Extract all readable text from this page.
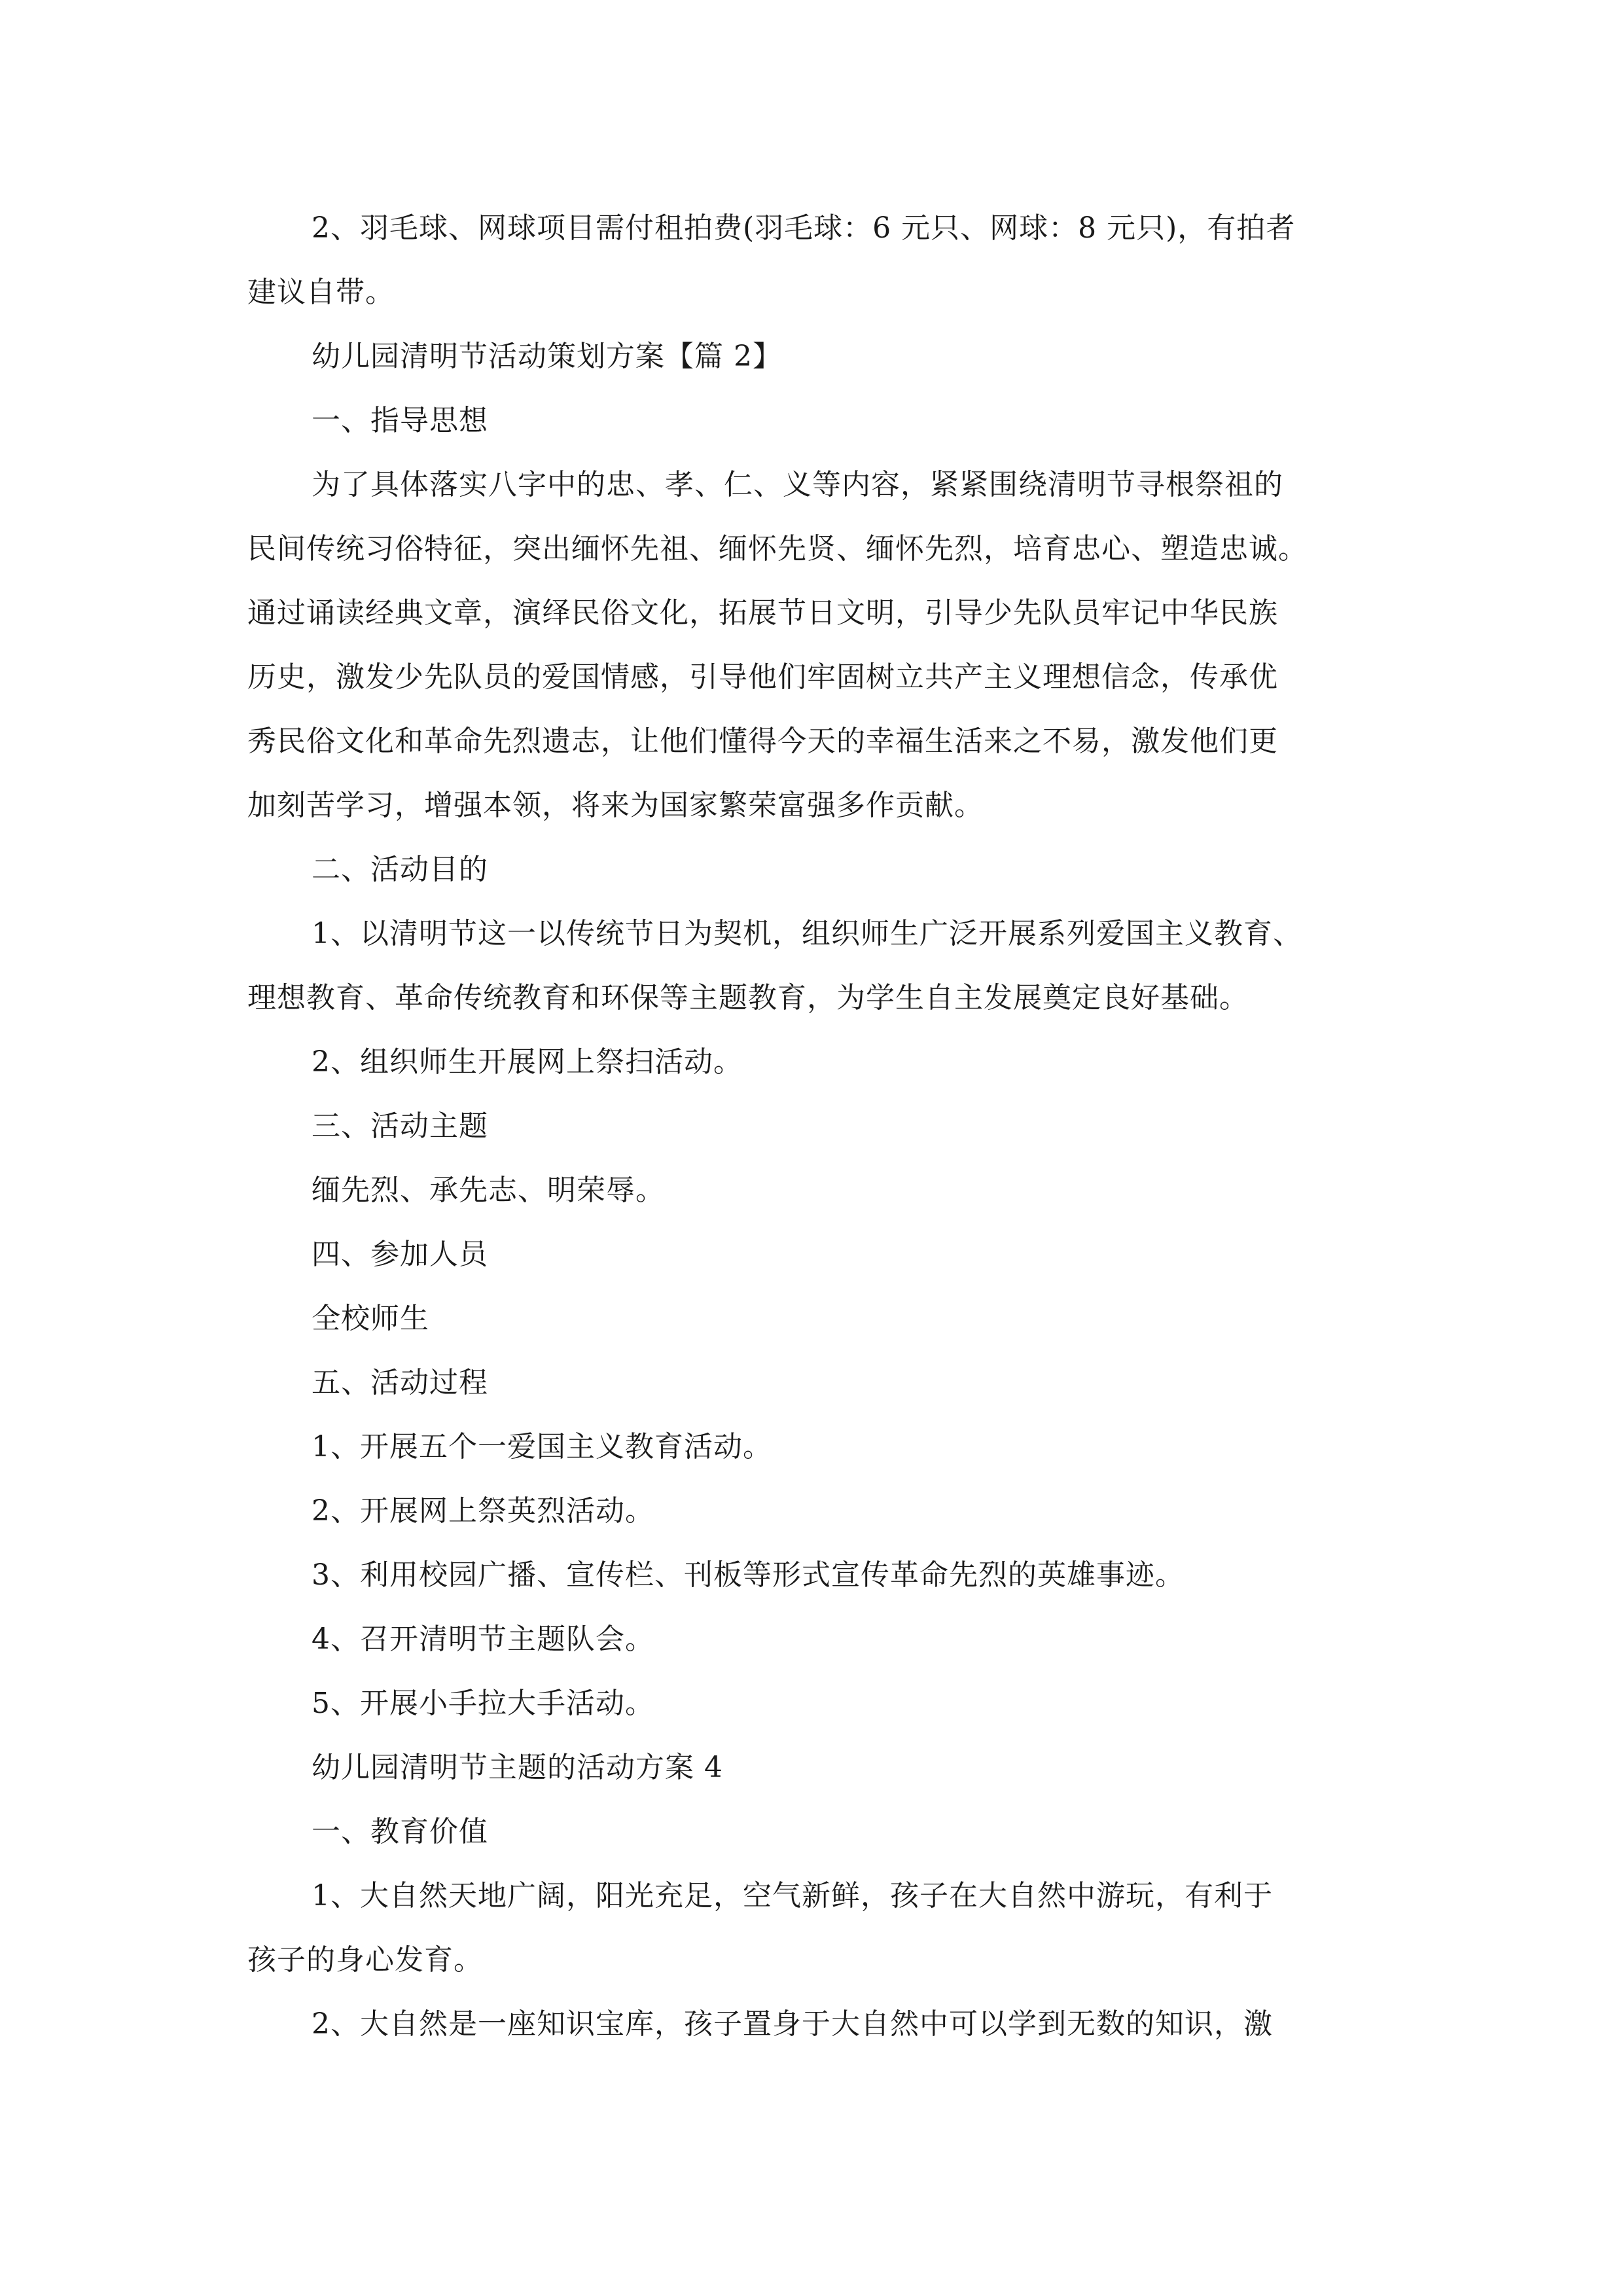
2、羽毛球、网球项目需付租拍费(羽毛球：6 元只、网球：8 元只)，有拍者
建议自带。
幼儿园清明节活动策划方案【篇 2】
一、指导思想
为了具体落实八字中的忠、孝、仁、义等内容，紧紧围绕清明节寻根祭祖的
民间传统习俗特征，突出缅怀先祖、缅怀先贤、缅怀先烈，培育忠心、塑造忠诚。
通过诵读经典文章，演绎民俗文化，拓展节日文明，引导少先队员牢记中华民族
历史，激发少先队员的爱国情感，引导他们牢固树立共产主义理想信念，传承优
秀民俗文化和革命先烈遗志，让他们懂得今天的幸福生活来之不易，激发他们更
加刻苦学习，增强本领，将来为国家繁荣富强多作贡献。
二、活动目的
1、以清明节这一以传统节日为契机，组织师生广泛开展系列爱国主义教育、
理想教育、革命传统教育和环保等主题教育，为学生自主发展奠定良好基础。
2、组织师生开展网上祭扫活动。
三、活动主题
缅先烈、承先志、明荣辱。
四、参加人员
全校师生
五、活动过程
1、开展五个一爱国主义教育活动。
2、开展网上祭英烈活动。
3、利用校园广播、宣传栏、刊板等形式宣传革命先烈的英雄事迹。
4、召开清明节主题队会。
5、开展小手拉大手活动。
幼儿园清明节主题的活动方案 4
一、教育价值
1、大自然天地广阔，阳光充足，空气新鲜，孩子在大自然中游玩，有利于
孩子的身心发育。
2、大自然是一座知识宝库，孩子置身于大自然中可以学到无数的知识，激
